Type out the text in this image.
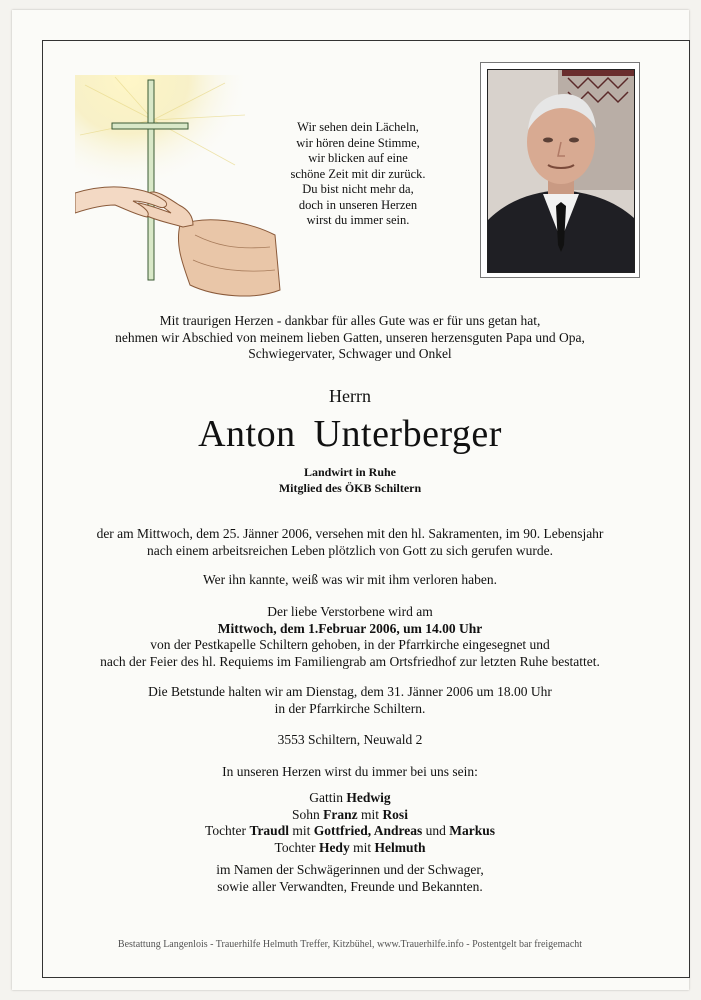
Wir sehen dein Lächeln,
wir hören deine Stimme,
wir blicken auf eine
schöne Zeit mit dir zurück.
Du bist nicht mehr da,
doch in unseren Herzen
wirst du immer sein.
Mit traurigen Herzen - dankbar für alles Gute was er für uns getan hat,
nehmen wir Abschied von meinem lieben Gatten, unseren herzensguten Papa und Opa,
Schwiegervater, Schwager und Onkel
Herrn
Anton Unterberger
Landwirt in Ruhe
Mitglied des ÖKB Schiltern
der am Mittwoch, dem 25. Jänner 2006, versehen mit den hl. Sakramenten, im 90. Lebensjahr
nach einem arbeitsreichen Leben plötzlich von Gott zu sich gerufen wurde.
Wer ihn kannte, weiß was wir mit ihm verloren haben.
Der liebe Verstorbene wird am
Mittwoch, dem 1.Februar 2006, um 14.00 Uhr
von der Pestkapelle Schiltern gehoben, in der Pfarrkirche eingesegnet und
nach der Feier des hl. Requiems im Familiengrab am Ortsfriedhof zur letzten Ruhe bestattet.
Die Betstunde halten wir am Dienstag, dem 31. Jänner 2006 um 18.00 Uhr
in der Pfarrkirche Schiltern.
3553 Schiltern, Neuwald 2
In unseren Herzen wirst du immer bei uns sein:
Gattin Hedwig
Sohn Franz mit Rosi
Tochter Traudl mit Gottfried, Andreas und Markus
Tochter Hedy mit Helmuth
im Namen der Schwägerinnen und der Schwager,
sowie aller Verwandten, Freunde und Bekannten.
Bestattung Langenlois - Trauerhilfe Helmuth Treffer, Kitzbühel, www.Trauerhilfe.info - Postentgelt bar freigemacht
